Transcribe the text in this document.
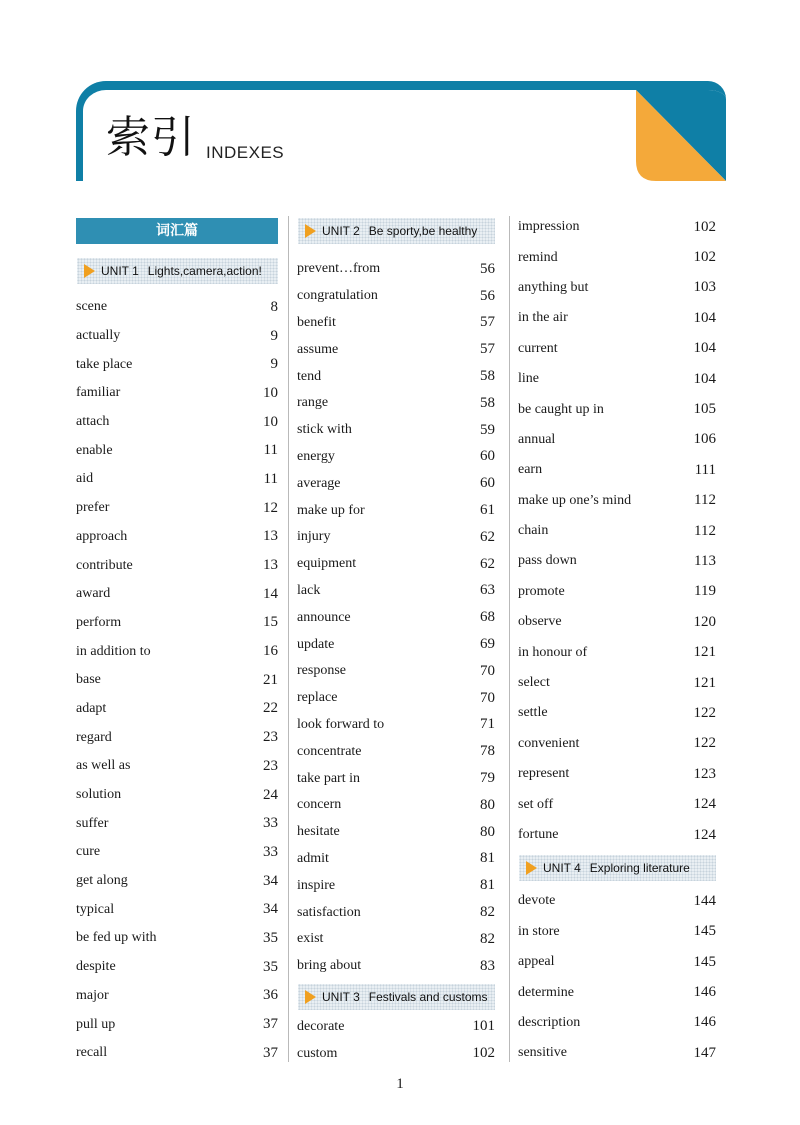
索引 INDEXES
词汇篇
UNIT 1 Lights,camera,action!
scene	8
actually	9
take place	9
familiar	10
attach	10
enable	11
aid	11
prefer	12
approach	13
contribute	13
award	14
perform	15
in addition to	16
base	21
adapt	22
regard	23
as well as	23
solution	24
suffer	33
cure	33
get along	34
typical	34
be fed up with	35
despite	35
major	36
pull up	37
recall	37
UNIT 2 Be sporty,be healthy
prevent…from	56
congratulation	56
benefit	57
assume	57
tend	58
range	58
stick with	59
energy	60
average	60
make up for	61
injury	62
equipment	62
lack	63
announce	68
update	69
response	70
replace	70
look forward to	71
concentrate	78
take part in	79
concern	80
hesitate	80
admit	81
inspire	81
satisfaction	82
exist	82
bring about	83
UNIT 3 Festivals and customs
decorate	101
custom	102
impression	102
remind	102
anything but	103
in the air	104
current	104
line	104
be caught up in	105
annual	106
earn	111
make up one’s mind	112
chain	112
pass down	113
promote	119
observe	120
in honour of	121
select	121
settle	122
convenient	122
represent	123
set off	124
fortune	124
UNIT 4 Exploring literature
devote	144
in store	145
appeal	145
determine	146
description	146
sensitive	147
1
